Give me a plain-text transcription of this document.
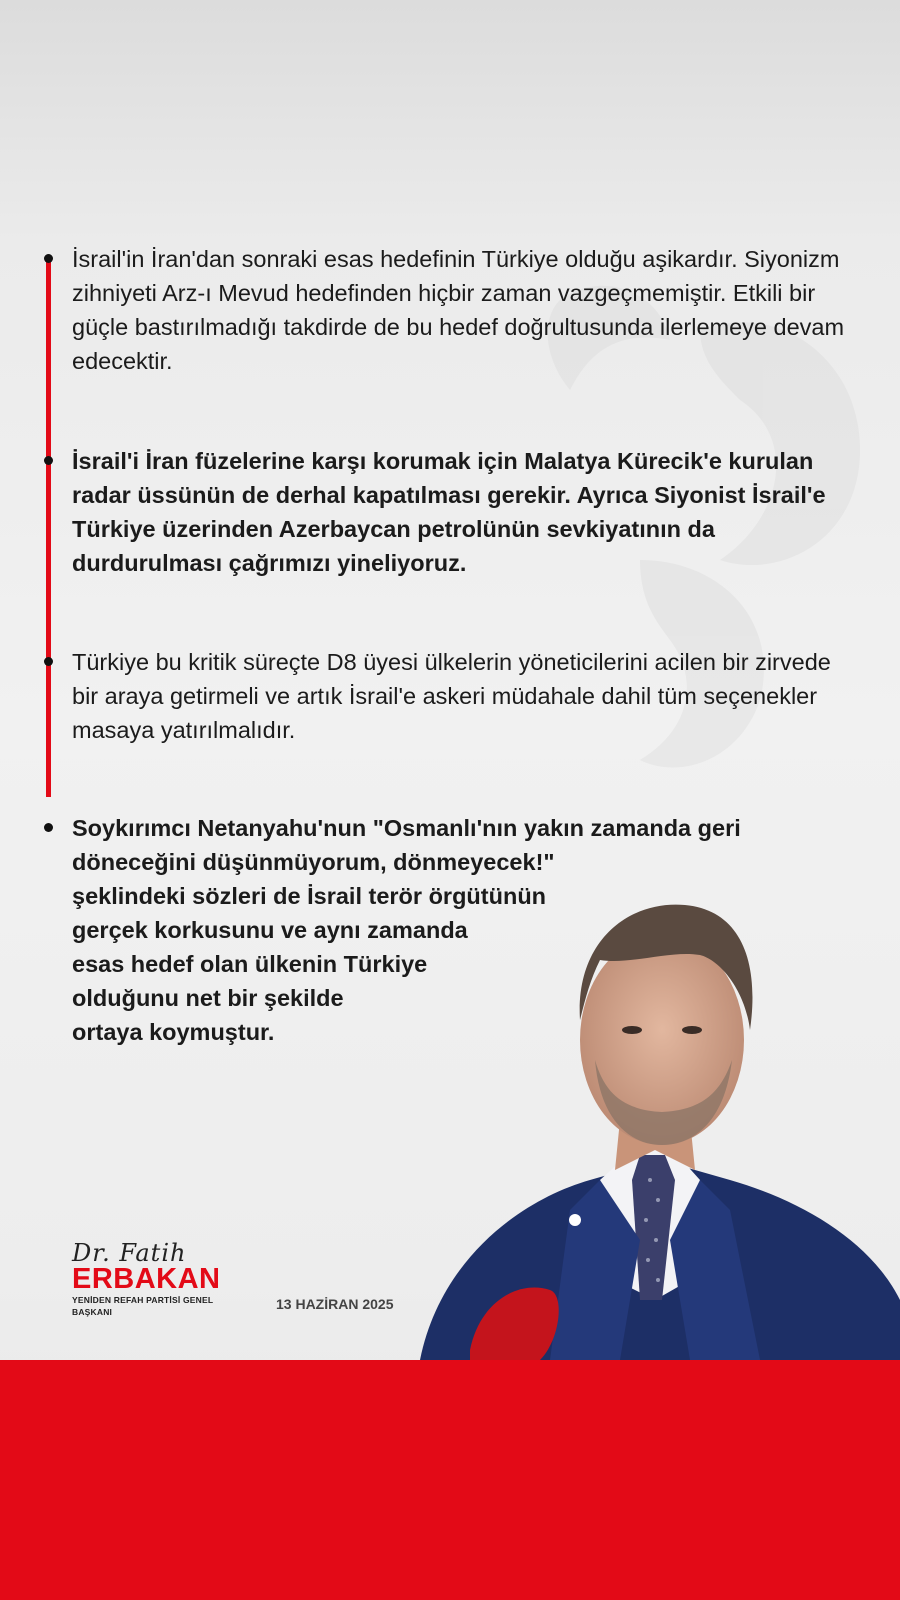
İsrail'in İran'dan sonraki esas hedefinin Türkiye olduğu aşikardır. Siyonizm zihniyeti Arz-ı Mevud hedefinden hiçbir zaman vazgeçmemiştir. Etkili bir güçle bastırılmadığı takdirde de bu hedef doğrultusunda ilerlemeye devam edecektir.
İsrail'i İran füzelerine karşı korumak için Malatya Kürecik'e kurulan radar üssünün de derhal kapatılması gerekir. Ayrıca Siyonist İsrail'e Türkiye üzerinden Azerbaycan petrolünün sevkiyatının da durdurulması çağrımızı yineliyoruz.
Türkiye bu kritik süreçte D8 üyesi ülkelerin yöneticilerini acilen bir zirvede bir araya getirmeli ve artık İsrail'e askeri müdahale dahil tüm seçenekler masaya yatırılmalıdır.
Soykırımcı Netanyahu'nun "Osmanlı'nın yakın zamanda geri
döneceğini düşünmüyorum, dönmeyecek!"
şeklindeki sözleri de İsrail terör örgütünün
gerçek korkusunu ve aynı zamanda
esas hedef olan ülkenin Türkiye
olduğunu net bir şekilde
ortaya koymuştur.
Dr. Fatih
ERBAKAN
YENİDEN REFAH PARTİSİ GENEL BAŞKANI	13 HAZİRAN 2025
